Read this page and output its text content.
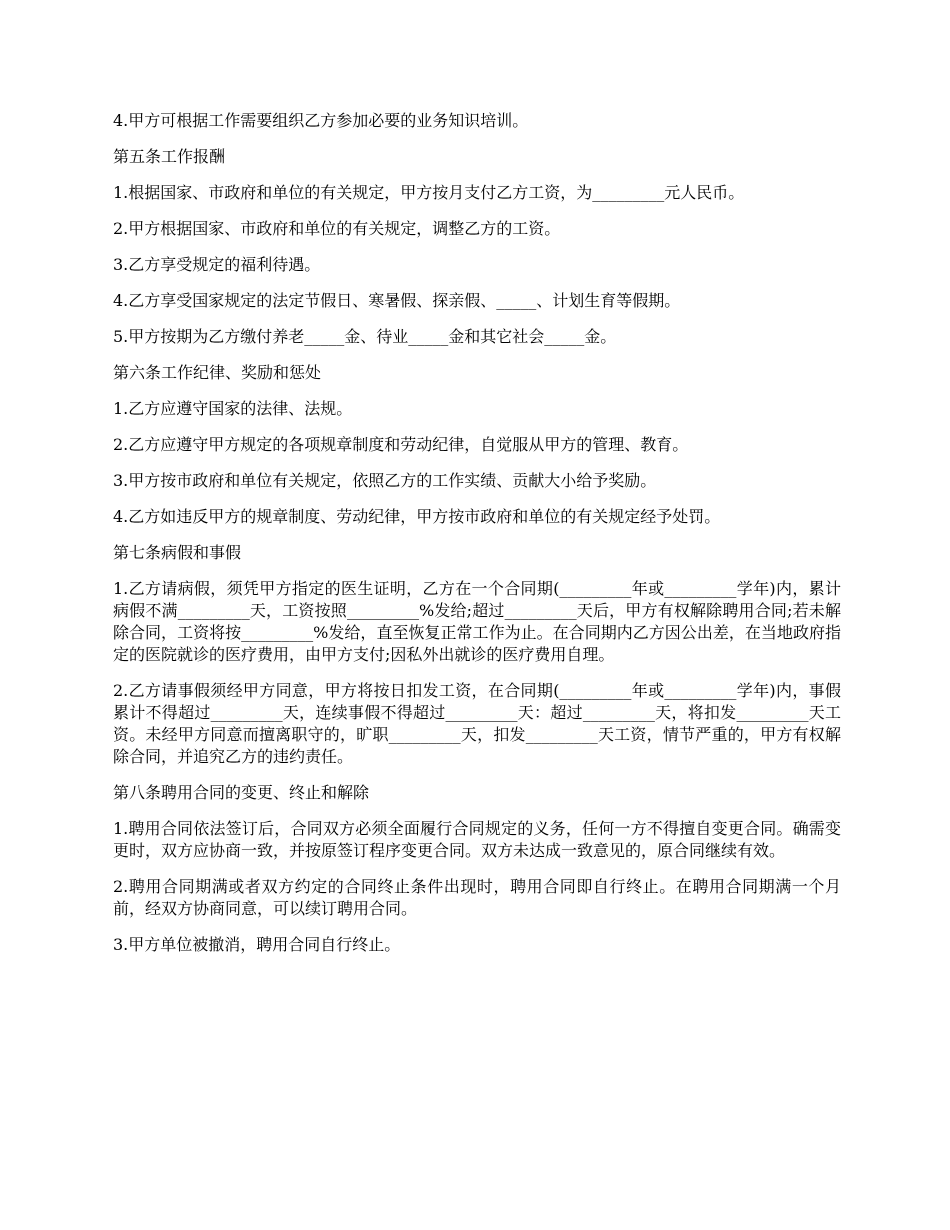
4.甲方可根据工作需要组织乙方参加必要的业务知识培训。

第五条工作报酬

1.根据国家、市政府和单位的有关规定，甲方按月支付乙方工资，为_________元人民币。

2.甲方根据国家、市政府和单位的有关规定，调整乙方的工资。

3.乙方享受规定的福利待遇。

4.乙方享受国家规定的法定节假日、寒暑假、探亲假、_____、计划生育等假期。

5.甲方按期为乙方缴付养老_____金、待业_____金和其它社会_____金。

第六条工作纪律、奖励和惩处

1.乙方应遵守国家的法律、法规。

2.乙方应遵守甲方规定的各项规章制度和劳动纪律，自觉服从甲方的管理、教育。

3.甲方按市政府和单位有关规定，依照乙方的工作实绩、贡献大小给予奖励。

4.乙方如违反甲方的规章制度、劳动纪律，甲方按市政府和单位的有关规定经予处罚。

第七条病假和事假

1.乙方请病假，须凭甲方指定的医生证明，乙方在一个合同期(_________年或_________学年)内，累计病假不满_________天，工资按照_________%发给;超过_________天后，甲方有权解除聘用合同;若未解除合同，工资将按_________%发给，直至恢复正常工作为止。在合同期内乙方因公出差，在当地政府指定的医院就诊的医疗费用，由甲方支付;因私外出就诊的医疗费用自理。

2.乙方请事假须经甲方同意，甲方将按日扣发工资，在合同期(_________年或_________学年)内，事假累计不得超过_________天，连续事假不得超过_________天：超过_________天，将扣发_________天工资。未经甲方同意而擅离职守的，旷职_________天，扣发_________天工资，情节严重的，甲方有权解除合同，并追究乙方的违约责任。

第八条聘用合同的变更、终止和解除

1.聘用合同依法签订后，合同双方必须全面履行合同规定的义务，任何一方不得擅自变更合同。确需变更时，双方应协商一致，并按原签订程序变更合同。双方未达成一致意见的，原合同继续有效。

2.聘用合同期满或者双方约定的合同终止条件出现时，聘用合同即自行终止。在聘用合同期满一个月前，经双方协商同意，可以续订聘用合同。

3.甲方单位被撤消，聘用合同自行终止。
